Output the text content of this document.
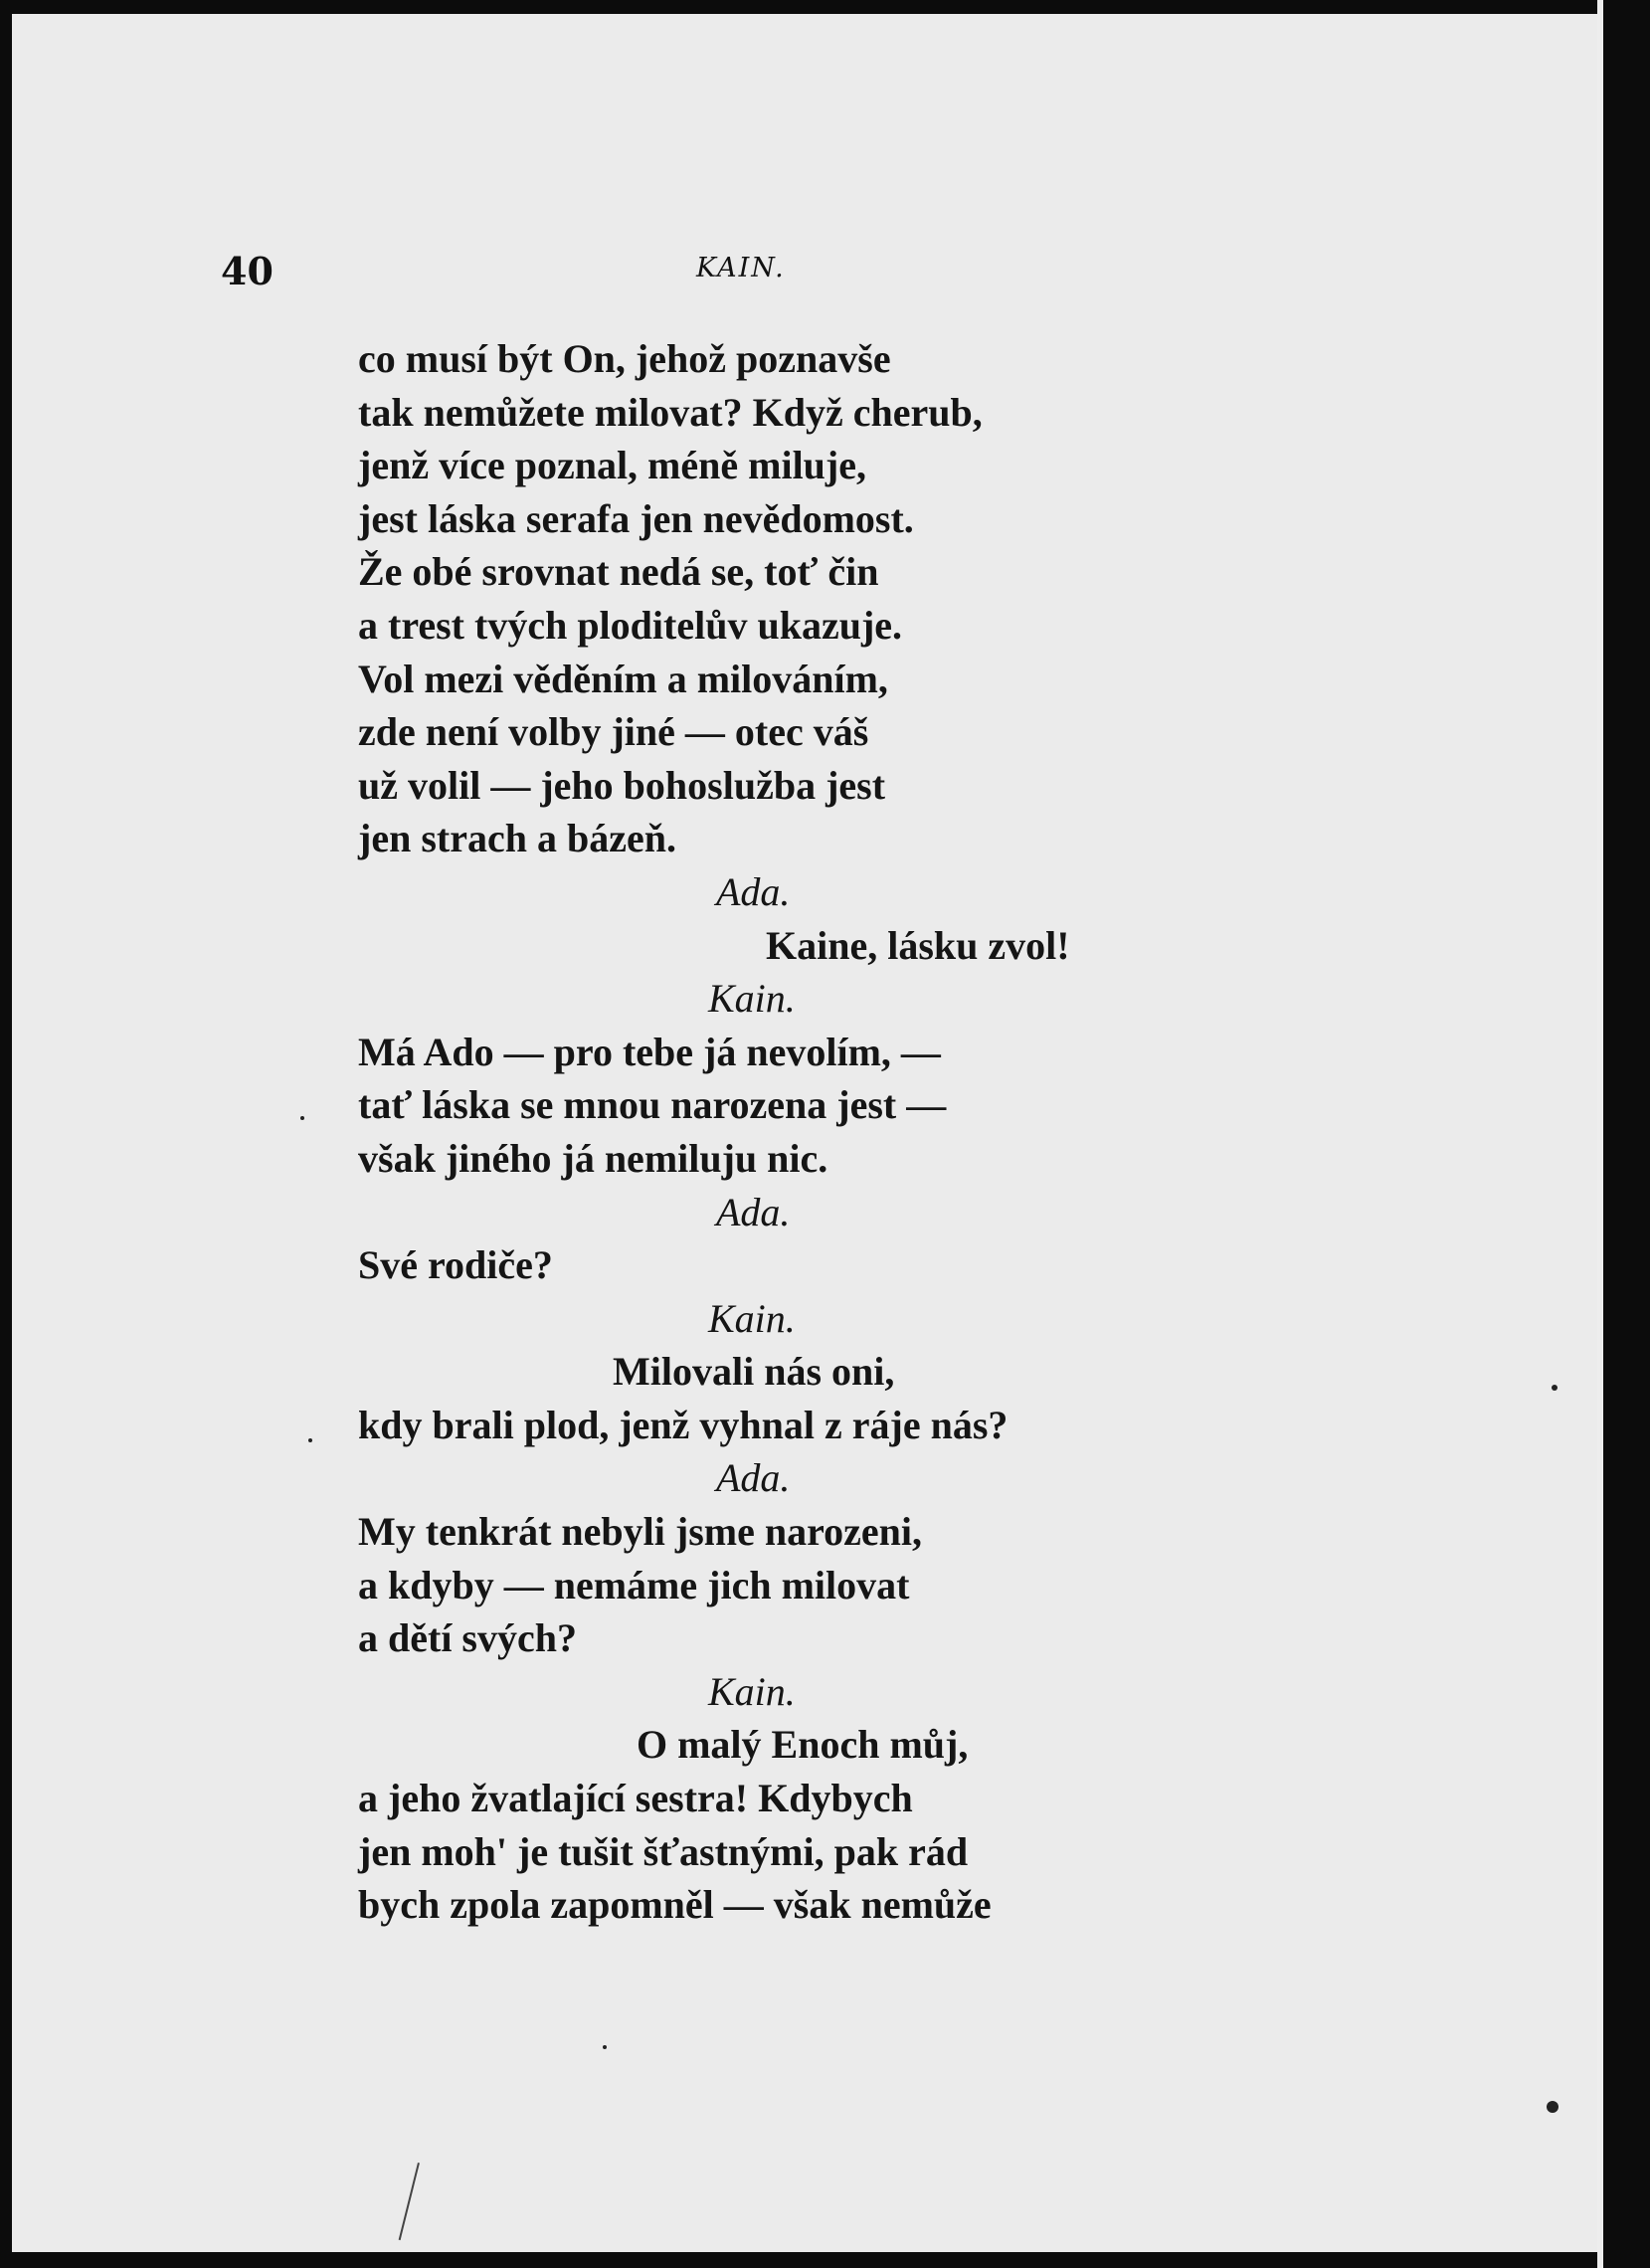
40	KAIN.
co musí být On, jehož poznavše
tak nemůžete milovat? Když cherub,
jenž více poznal, méně miluje,
jest láska serafa jen nevědomost.
Že obé srovnat nedá se, toť čin
a trest tvých ploditelův ukazuje.
Vol mezi věděním a milováním,
zde není volby jiné — otec váš
už volil — jeho bohoslužba jest
jen strach a bázeň.
Ada.
Kaine, lásku zvol!
Kain.
Má Ado — pro tebe já nevolím, —
tať láska se mnou narozena jest —
však jiného já nemiluju nic.
Ada.
Své rodiče?
Kain.
Milovali nás oni,
kdy brali plod, jenž vyhnal z ráje nás?
Ada.
My tenkrát nebyli jsme narozeni,
a kdyby — nemáme jich milovat
a dětí svých?
Kain.
O malý Enoch můj,
a jeho žvatlající sestra! Kdybych
jen moh' je tušit šťastnými, pak rád
bych zpola zapomněl — však nemůže
